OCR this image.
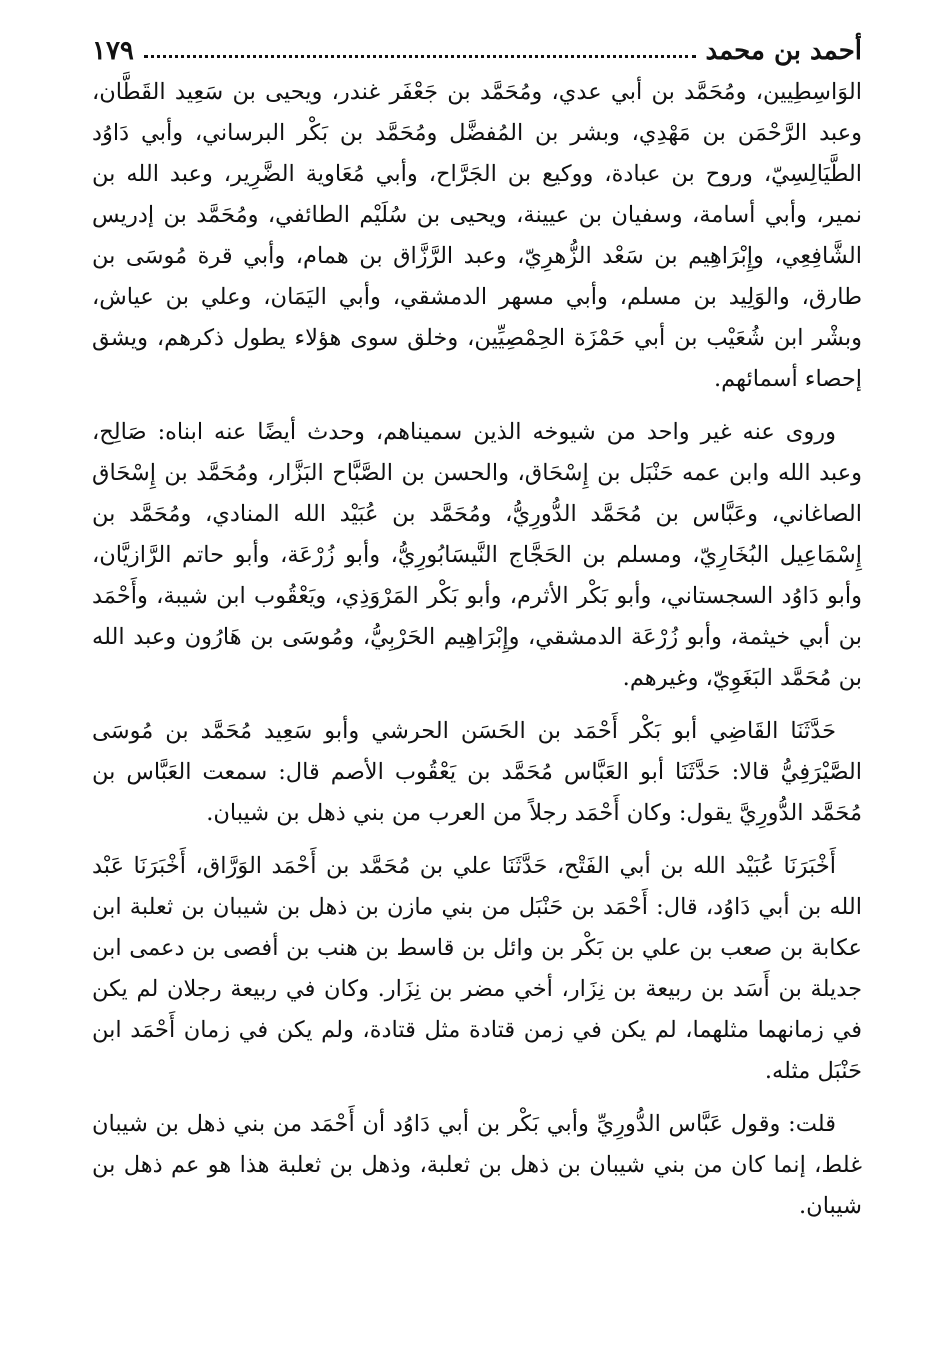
أحمد بن محمد
١٧٩

الوَاسِطِيين، ومُحَمَّد بن أبي عدي، ومُحَمَّد بن جَعْفَر غندر، ويحيى بن سَعِيد القَطَّان، وعبد الرَّحْمَن بن مَهْدِي، وبشر بن المُفضَّل ومُحَمَّد بن بَكْر البرساني، وأبي دَاوُد الطَّيَالِسِيّ، وروح بن عبادة، ووكيع بن الجَرَّاح، وأبي مُعَاوية الضَّرِير، وعبد الله بن نمير، وأبي أسامة، وسفيان بن عيينة، ويحيى بن سُلَيْم الطائفي، ومُحَمَّد بن إدريس الشَّافِعِي، وإِبْرَاهِيم بن سَعْد الزُّهرِيّ، وعبد الرَّزَّاق بن همام، وأبي قرة مُوسَى بن طارق، والوَلِيد بن مسلم، وأبي مسهر الدمشقي، وأبي اليَمَان، وعلي بن عياش، وبشْر ابن شُعَيْب بن أبي حَمْزَة الحِمْصِيِّين، وخلق سوى هؤلاء يطول ذكرهم، ويشق إحصاء أسمائهم.

وروى عنه غير واحد من شيوخه الذين سميناهم، وحدث أيضًا عنه ابناه: صَالِح، وعبد الله وابن عمه حَنْبَل بن إِسْحَاق، والحسن بن الصَّبَّاح البَزَّار، ومُحَمَّد بن إِسْحَاق الصاغاني، وعَبَّاس بن مُحَمَّد الدُّورِيُّ، ومُحَمَّد بن عُبَيْد الله المنادي، ومُحَمَّد بن إِسْمَاعِيل البُخَارِيّ، ومسلم بن الحَجَّاج النَّيسَابُورِيُّ، وأبو زُرْعَة، وأبو حاتم الرَّازيَّان، وأبو دَاوُد السجستاني، وأبو بَكْر الأثرم، وأبو بَكْر المَرْوَذِي، ويَعْقُوب ابن شيبة، وأَحْمَد بن أبي خيثمة، وأبو زُرْعَة الدمشقي، وإِبْرَاهِيم الحَرْبِيُّ، ومُوسَى بن هَارُون وعبد الله بن مُحَمَّد البَغَوِيّ، وغيرهم.

حَدَّثَنَا القَاضِي أبو بَكْر أَحْمَد بن الحَسَن الحرشي وأبو سَعِيد مُحَمَّد بن مُوسَى الصَّيْرَفِيُّ قالا: حَدَّثَنَا أبو العَبَّاس مُحَمَّد بن يَعْقُوب الأصم قال: سمعت العَبَّاس بن مُحَمَّد الدُّورِيَّ يقول: وكان أَحْمَد رجلاً من العرب من بني ذهل بن شيبان.

أَخْبَرَنَا عُبَيْد الله بن أبي الفَتْح، حَدَّثَنَا علي بن مُحَمَّد بن أَحْمَد الوَرَّاق، أَخْبَرَنَا عَبْد الله بن أبي دَاوُد، قال: أَحْمَد بن حَنْبَل من بني مازن بن ذهل بن شيبان بن ثعلبة ابن عكابة بن صعب بن علي بن بَكْر بن وائل بن قاسط بن هنب بن أفصى بن دعمى ابن جديلة بن أَسَد بن ربيعة بن نِزَار، أخي مضر بن نِزَار. وكان في ربيعة رجلان لم يكن في زمانهما مثلهما، لم يكن في زمن قتادة مثل قتادة، ولم يكن في زمان أَحْمَد ابن حَنْبَل مثله.

قلت: وقول عَبَّاس الدُّورِيِّ وأبي بَكْر بن أبي دَاوُد أن أَحْمَد من بني ذهل بن شيبان غلط، إنما كان من بني شيبان بن ذهل بن ثعلبة، وذهل بن ثعلبة هذا هو عم ذهل بن شيبان.
